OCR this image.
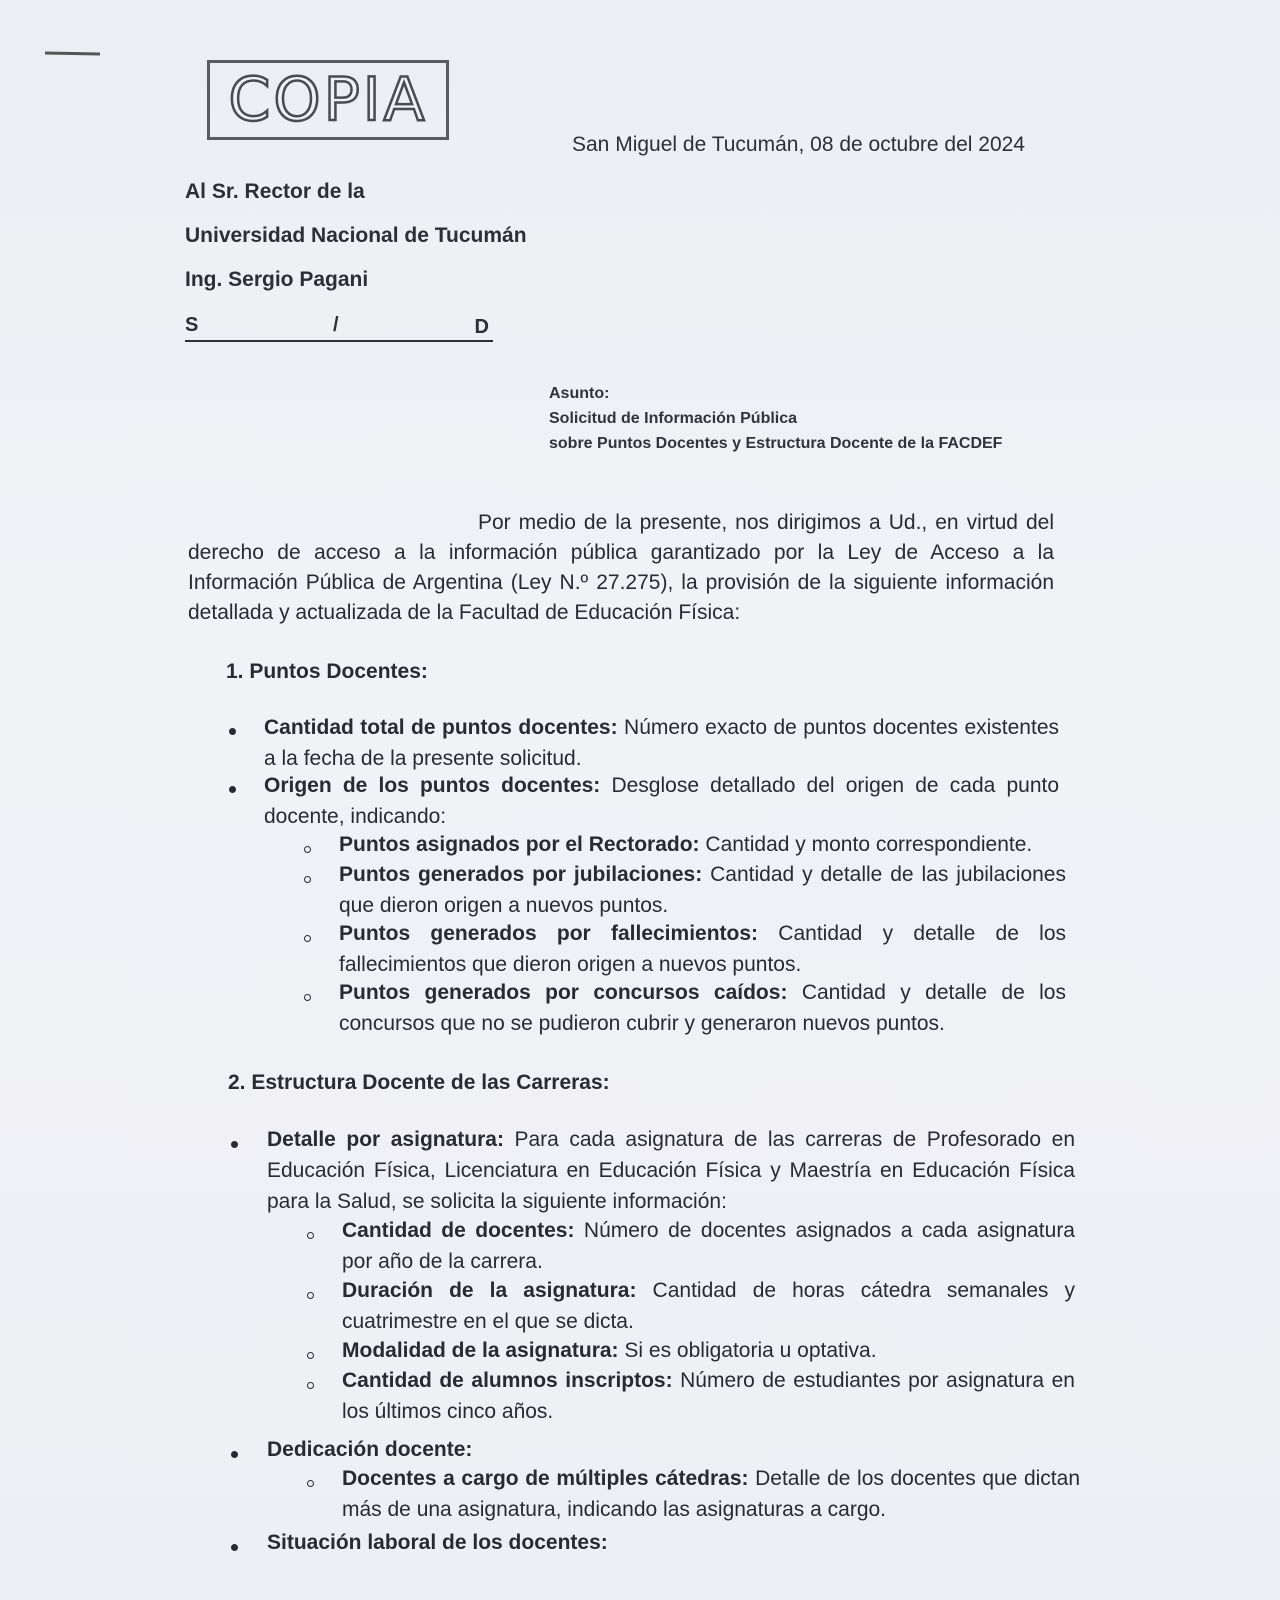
COPIA
San Miguel de Tucumán, 08 de octubre del 2024
Al Sr. Rector de la
Universidad Nacional de Tucumán
Ing. Sergio Pagani
S	/	D
Asunto:
Solicitud de Información Pública
sobre Puntos Docentes y Estructura Docente de la FACDEF
Por medio de la presente, nos dirigimos a Ud., en virtud del derecho de acceso a la información pública garantizado por la Ley de Acceso a la Información Pública de Argentina (Ley N.º 27.275), la provisión de la siguiente información detallada y actualizada de la Facultad de Educación Física:
1. Puntos Docentes:
Cantidad total de puntos docentes: Número exacto de puntos docentes existentes a la fecha de la presente solicitud.
Origen de los puntos docentes: Desglose detallado del origen de cada punto docente, indicando:
Puntos asignados por el Rectorado: Cantidad y monto correspondiente.
Puntos generados por jubilaciones: Cantidad y detalle de las jubilaciones que dieron origen a nuevos puntos.
Puntos generados por fallecimientos: Cantidad y detalle de los fallecimientos que dieron origen a nuevos puntos.
Puntos generados por concursos caídos: Cantidad y detalle de los concursos que no se pudieron cubrir y generaron nuevos puntos.
2. Estructura Docente de las Carreras:
Detalle por asignatura: Para cada asignatura de las carreras de Profesorado en Educación Física, Licenciatura en Educación Física y Maestría en Educación Física para la Salud, se solicita la siguiente información:
Cantidad de docentes: Número de docentes asignados a cada asignatura por año de la carrera.
Duración de la asignatura: Cantidad de horas cátedra semanales y cuatrimestre en el que se dicta.
Modalidad de la asignatura: Si es obligatoria u optativa.
Cantidad de alumnos inscriptos: Número de estudiantes por asignatura en los últimos cinco años.
Dedicación docente:
Docentes a cargo de múltiples cátedras: Detalle de los docentes que dictan más de una asignatura, indicando las asignaturas a cargo.
Situación laboral de los docentes:
